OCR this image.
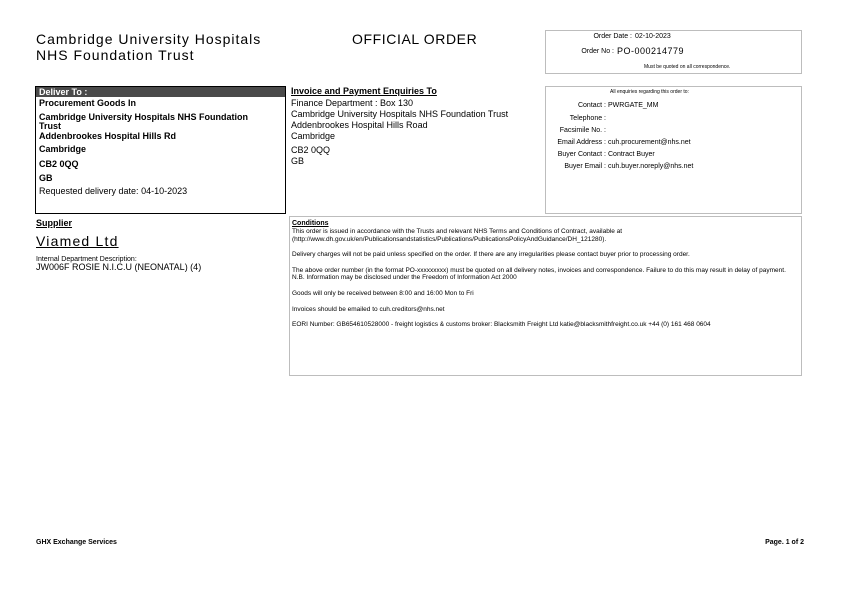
Cambridge University Hospitals
NHS Foundation Trust
OFFICIAL ORDER	Order Date : 02-10-2023
Order No : PO-000214779
Must be quoted on all correspondence.
Deliver To :
Procurement Goods In
Cambridge University Hospitals NHS Foundation
Trust
Addenbrookes Hospital Hills Rd
Cambridge
CB2 0QQ
GB
Requested delivery date: 04-10-2023
Invoice and Payment Enquiries To
Finance Department : Box 130
Cambridge University Hospitals NHS Foundation Trust
Addenbrookes Hospital Hills Road
Cambridge
CB2 0QQ
GB
All enquiries regarding this order to:
Contact : PWRGATE_MM
Telephone :
Facsimile No. :
Email Address : cuh.procurement@nhs.net
Buyer Contact : Contract Buyer
Buyer Email : cuh.buyer.noreply@nhs.net
Supplier
Viamed Ltd
Internal Department Description:
JW006F ROSIE N.I.C.U (NEONATAL) (4)
Conditions

This order is issued in accordance with the Trusts and relevant NHS Terms and Conditions of Contract, available at (http://www.dh.gov.uk/en/Publicationsandstatistics/Publications/PublicationsPolicyAndGuidance/DH_121280).

Delivery charges will not be paid unless specified on the order. If there are any irregularities please contact buyer prior to processing order.

The above order number (in the format PO-xxxxxxxxx) must be quoted on all delivery notes, invoices and correspondence. Failure to do this may result in delay of payment. N.B. Information may be disclosed under the Freedom of Information Act 2000

Goods will only be received between 8:00 and 16:00 Mon to Fri

Invoices should be emailed to cuh.creditors@nhs.net

EORI Number: GB654610528000 - freight logistics & customs broker: Blacksmith Freight Ltd katie@blacksmithfreight.co.uk +44 (0) 161 468 0604

GHX Exchange Services	Page. 1 of 2
